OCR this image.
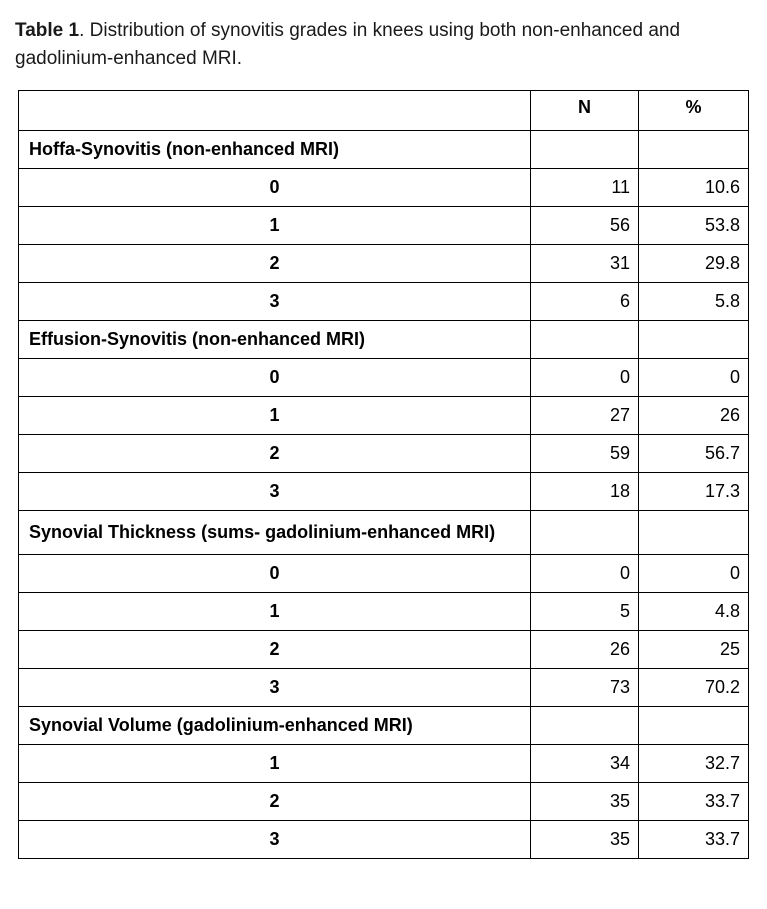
Table 1. Distribution of synovitis grades in knees using both non-enhanced and gadolinium-enhanced MRI.
	N	%
Hoffa-Synovitis (non-enhanced MRI)		
0	11	10.6
1	56	53.8
2	31	29.8
3	6	5.8
Effusion-Synovitis (non-enhanced MRI)		
0	0	0
1	27	26
2	59	56.7
3	18	17.3
Synovial Thickness (sums- gadolinium-enhanced MRI)		
0	0	0
1	5	4.8
2	26	25
3	73	70.2
Synovial Volume (gadolinium-enhanced MRI)		
1	34	32.7
2	35	33.7
3	35	33.7
